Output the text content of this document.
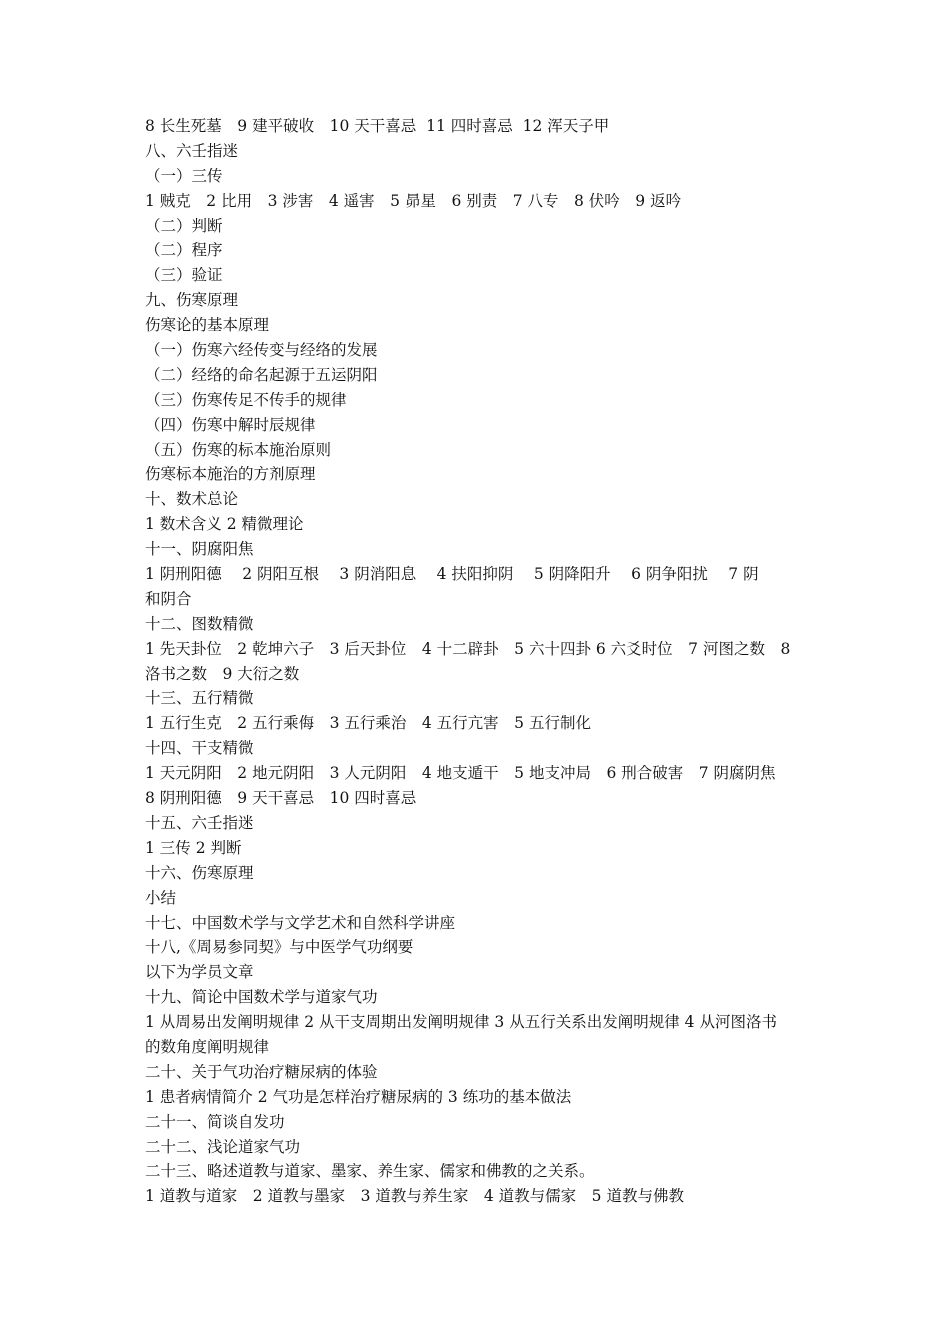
8 长生死墓　9 建平破收　10 天干喜忌  11 四时喜忌  12 浑天子甲
八、六壬指迷
（一）三传
1 贼克　2 比用　3 涉害　4 遥害　5 昴星　6 别责　7 八专　8 伏吟　9 返吟
（二）判断
（二）程序
（三）验证
九、伤寒原理
伤寒论的基本原理
（一）伤寒六经传变与经络的发展
（二）经络的命名起源于五运阴阳
（三）伤寒传足不传手的规律
（四）伤寒中解时辰规律
（五）伤寒的标本施治原则
伤寒标本施治的方剂原理
十、数术总论
1 数术含义 2 精微理论
十一、阴腐阳焦
1 阴刑阳德　 2 阴阳互根　 3 阴消阳息　 4 扶阳抑阴　 5 阴降阳升　 6 阴争阳扰　 7 阴
和阴合
十二、图数精微
1 先天卦位　2 乾坤六子　3 后天卦位　4 十二辟卦　5 六十四卦 6 六爻时位　7 河图之数　8
洛书之数　9 大衍之数
十三、五行精微
1 五行生克　2 五行乘侮　3 五行乘治　4 五行亢害　5 五行制化
十四、干支精微
1 天元阴阳　2 地元阴阳　3 人元阴阳　4 地支遁干　5 地支冲局　6 刑合破害　7 阴腐阴焦
8 阴刑阳德　9 天干喜忌　10 四时喜忌
十五、六壬指迷
1 三传 2 判断
十六、伤寒原理
小结
十七、中国数术学与文学艺术和自然科学讲座
十八,《周易参同契》与中医学气功纲要
以下为学员文章
十九、简论中国数术学与道家气功
1 从周易出发阐明规律 2 从干支周期出发阐明规律 3 从五行关系出发阐明规律 4 从河图洛书
的数角度阐明规律
二十、关于气功治疗糖尿病的体验
1 患者病情简介 2 气功是怎样治疗糖尿病的 3 练功的基本做法
二十一、简谈自发功
二十二、浅论道家气功
二十三、略述道教与道家、墨家、养生家、儒家和佛教的之关系。
1 道教与道家　2 道教与墨家　3 道教与养生家　4 道教与儒家　5 道教与佛教
